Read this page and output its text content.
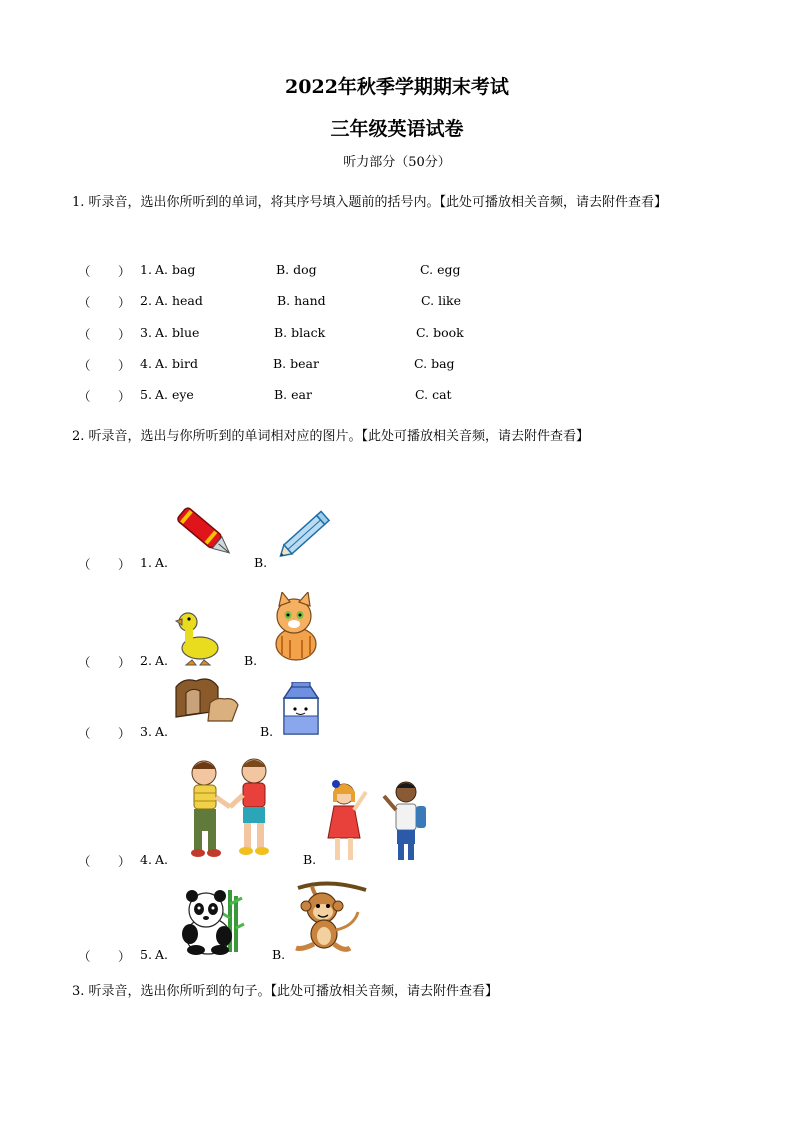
2022年秋季学期期末考试
三年级英语试卷
听力部分（50分）
1. 听录音，选出你所听到的单词，将其序号填入题前的括号内。【此处可播放相关音频，请去附件查看】
（ ） 1. A. bag	B. dog	C. egg
（ ） 2. A. head	B. hand	C. like
（ ） 3. A. blue	B. black	C. book
（ ） 4. A. bird	B. bear	C. bag
（ ） 5. A. eye	B. ear	C. cat
2. 听录音，选出与你所听到的单词相对应的图片。【此处可播放相关音频，请去附件查看】
（ ） 1. A.	B.
（ ） 2. A.	B.
（ ） 3. A.	B.
（ ） 4. A.	B.
（ ） 5. A.	B.
3. 听录音，选出你所听到的句子。【此处可播放相关音频，请去附件查看】
